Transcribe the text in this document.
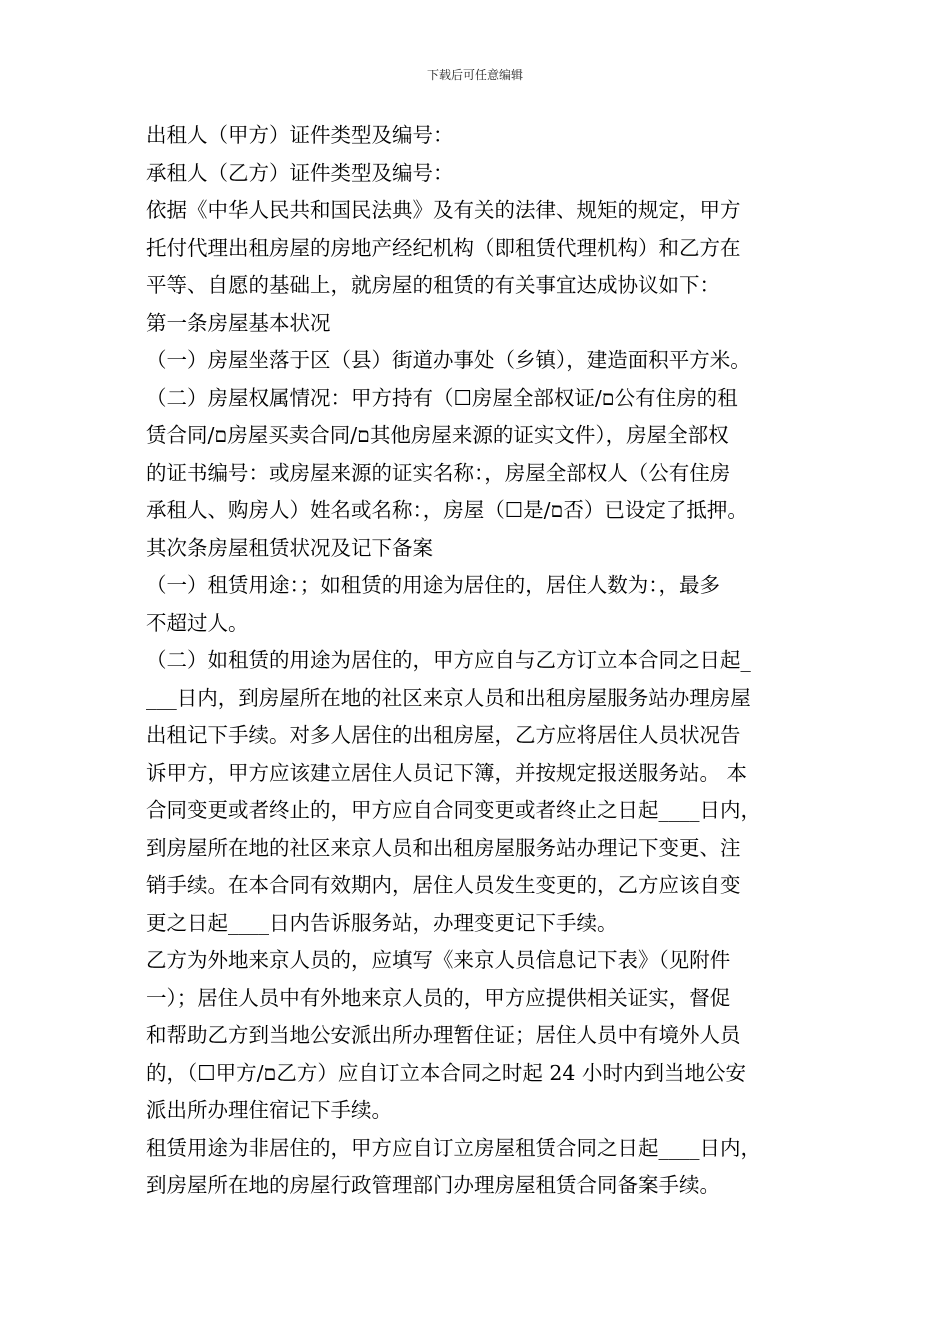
下载后可任意编辑
出租人（甲方）证件类型及编号：
承租人（乙方）证件类型及编号：
依据《中华人民共和国民法典》及有关的法律、规矩的规定，甲方
托付代理出租房屋的房地产经纪机构（即租赁代理机构）和乙方在
平等、自愿的基础上，就房屋的租赁的有关事宜达成协议如下：
第一条房屋基本状况
（一）房屋坐落于区（县）街道办事处（乡镇），建造面积平方米。
（二）房屋权属情况：甲方持有（☐房屋全部权证/ם公有住房的租
赁合同/ם房屋买卖合同/ם其他房屋来源的证实文件），房屋全部权
的证书编号：或房屋来源的证实名称：，房屋全部权人（公有住房
承租人、购房人）姓名或名称：，房屋（☐是/ם否）已设定了抵押。
其次条房屋租赁状况及记下备案
（一）租赁用途：；如租赁的用途为居住的，居住人数为：，最多
不超过人。
（二）如租赁的用途为居住的，甲方应自与乙方订立本合同之日起_
___日内，到房屋所在地的社区来京人员和出租房屋服务站办理房屋
出租记下手续。对多人居住的出租房屋，乙方应将居住人员状况告
诉甲方，甲方应该建立居住人员记下簿，并按规定报送服务站。 本
合同变更或者终止的，甲方应自合同变更或者终止之日起____日内，
到房屋所在地的社区来京人员和出租房屋服务站办理记下变更、注
销手续。在本合同有效期内，居住人员发生变更的，乙方应该自变
更之日起____日内告诉服务站，办理变更记下手续。
乙方为外地来京人员的，应填写《来京人员信息记下表》（见附件
一）；居住人员中有外地来京人员的，甲方应提供相关证实，督促
和帮助乙方到当地公安派出所办理暂住证；居住人员中有境外人员
的，（☐甲方/ם乙方）应自订立本合同之时起 24 小时内到当地公安
派出所办理住宿记下手续。
租赁用途为非居住的，甲方应自订立房屋租赁合同之日起____日内，
到房屋所在地的房屋行政管理部门办理房屋租赁合同备案手续。
